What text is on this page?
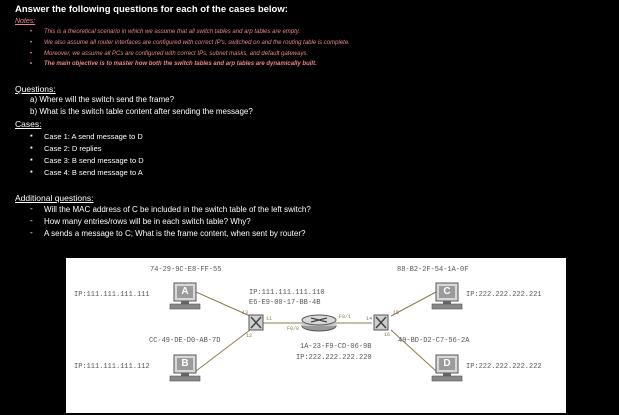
Answer the following questions for each of the cases below:
Notes:
• This is a theoretical scenario in which we assume that all switch tables and arp tables are empty.
• We also assume all router interfaces are configured with correct IP's, switched on and the routing table is complete.
• Moreover, we assume all PCs are configured with correct IPs, subnet masks, and default gateways.
• The main objective is to master how both the switch tables and arp tables are dynamically built.
Questions:
a) Where will the switch send the frame?
b) What is the switch table content after sending the message?
Cases:
▪ Case 1: A send message to D
▪ Case 2: D replies
▪ Case 3: B send message to D
▪ Case 4: B send message to A
Additional questions:
- Will the MAC address of C be included in the switch table of the left switch?
- How many entries/rows will be in each switch table? Why?
- A sends a message to C; What is the frame content, when sent by router?
A
B
C
D
74-29-9C-E8-FF-55
IP:111.111.111.111
CC-49-DE-D0-AB-7D
IP:111.111.111.112
88-B2-2F-54-1A-0F
IP:222.222.222.221
49-BD-D2-C7-56-2A
IP:222.222.222.222
IP:111.111.111.110
E6-E9-00-17-BB-4B
1A-23-F9-CD-06-9B
IP:222.222.222.220
F0/0
F0/1
13
12
11	14
15
16
